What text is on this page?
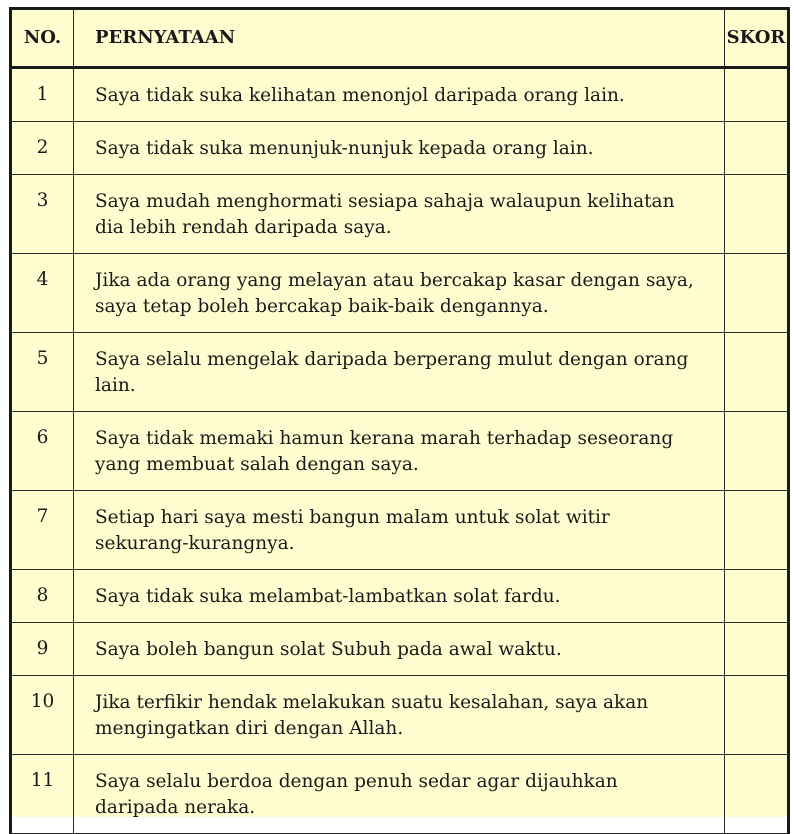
NO.	PERNYATAAN	SKOR
1	Saya tidak suka kelihatan menonjol daripada orang lain.	
2	Saya tidak suka menunjuk-nunjuk kepada orang lain.	
3	Saya mudah menghormati sesiapa sahaja walaupun kelihatan dia lebih rendah daripada saya.	
4	Jika ada orang yang melayan atau bercakap kasar dengan saya, saya tetap boleh bercakap baik-baik dengannya.	
5	Saya selalu mengelak daripada berperang mulut dengan orang lain.	
6	Saya tidak memaki hamun kerana marah terhadap seseorang yang membuat salah dengan saya.	
7	Setiap hari saya mesti bangun malam untuk solat witir sekurang-kurangnya.	
8	Saya tidak suka melambat-lambatkan solat fardu.	
9	Saya boleh bangun solat Subuh pada awal waktu.	
10	Jika terfikir hendak melakukan suatu kesalahan, saya akan mengingatkan diri dengan Allah.	
11	Saya selalu berdoa dengan penuh sedar agar dijauhkan daripada neraka.	
